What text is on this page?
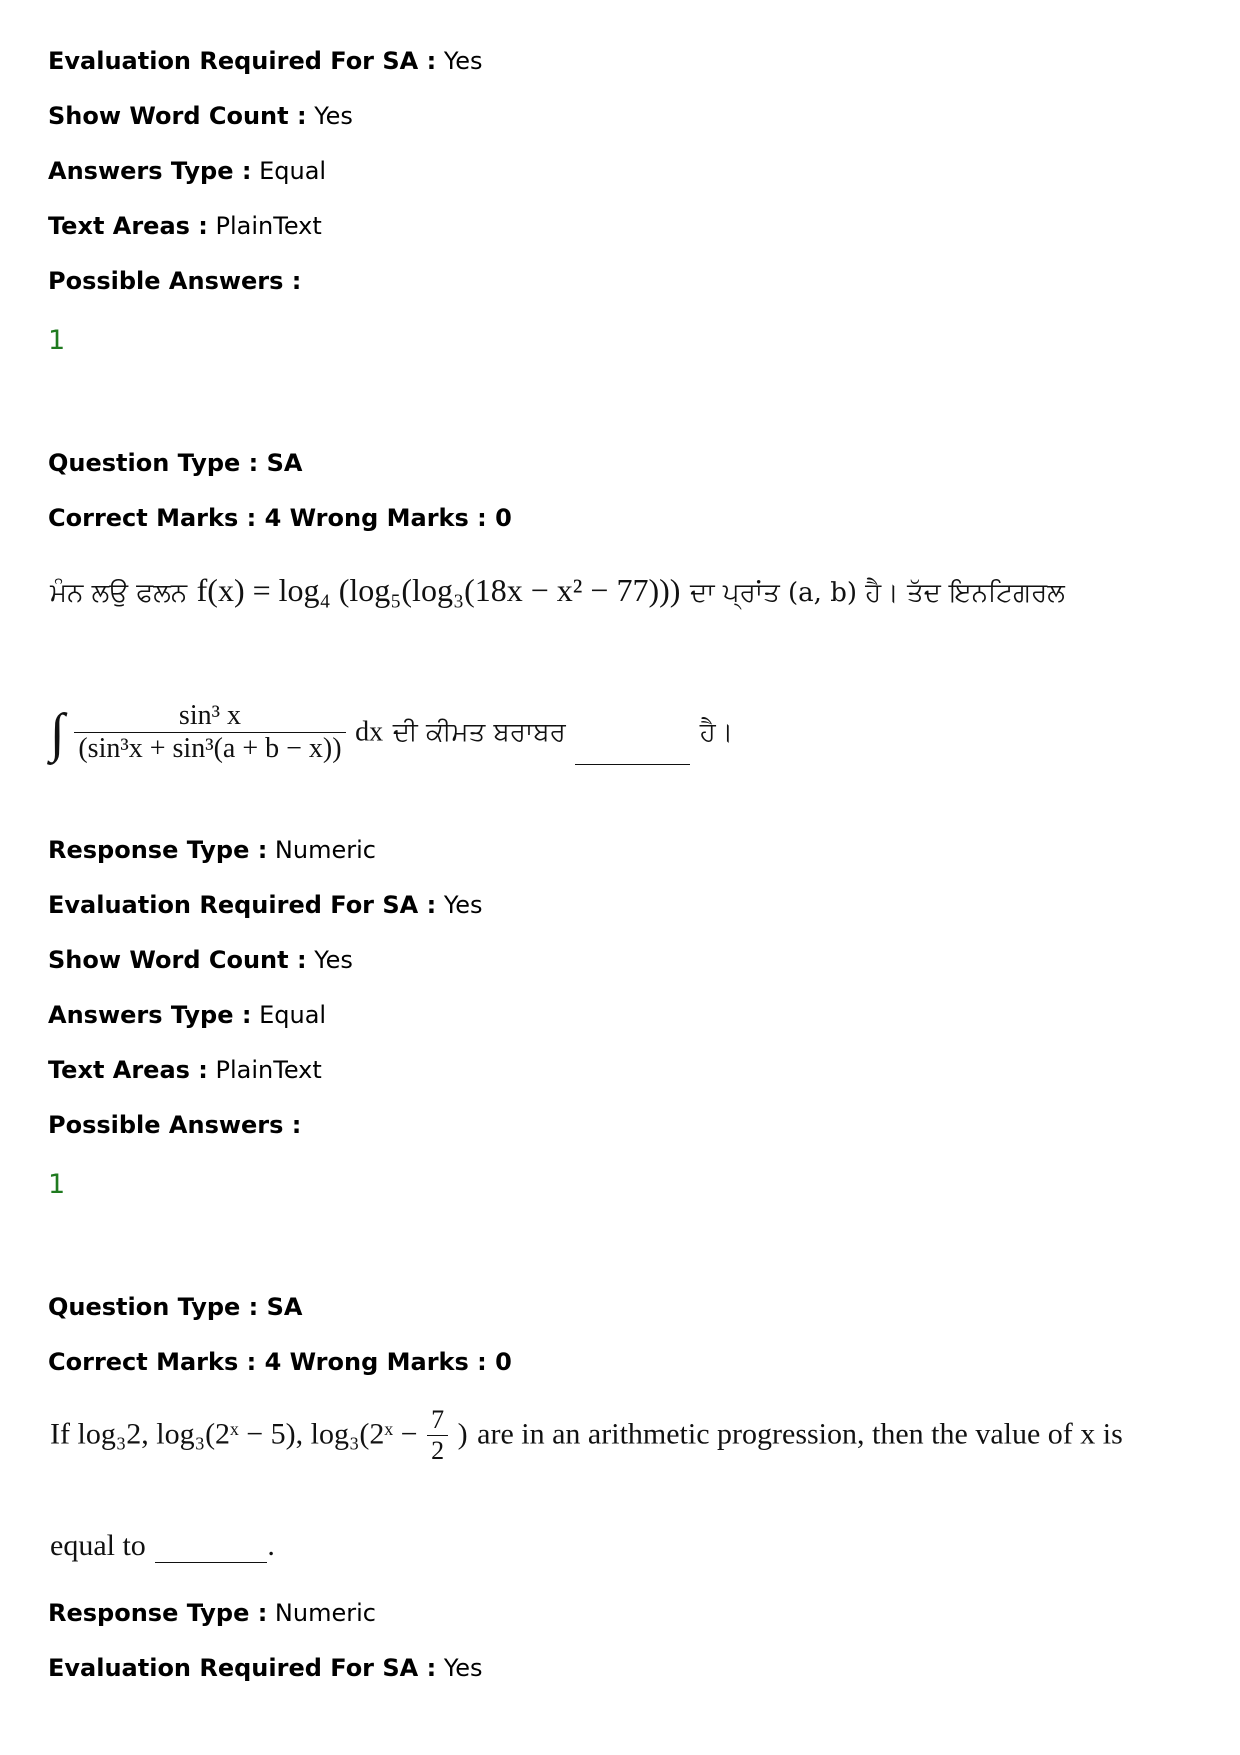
Evaluation Required For SA : Yes
Show Word Count : Yes
Answers Type : Equal
Text Areas : PlainText
Possible Answers :
1
Question Type : SA
Correct Marks : 4 Wrong Marks : 0
ਮੰਨ ਲਉ ਫਲਨ f(x) = log₄ (log₅(log₃(18x − x² − 77))) ਦਾ ਪ੍ਰਾਂਤ (a, b) ਹੈ। ਤੱਦ ਇਨਟਿਗਰਲ
∫ $\frac{\text{sin³ x}}{\text{(sin³x + sin³(a + b − x))}}$ dx ਦੀ ਕੀਮਤ ਬਰਾਬਰ	ਹੈ।
Response Type : Numeric
Evaluation Required For SA : Yes
Show Word Count : Yes
Answers Type : Equal
Text Areas : PlainText
Possible Answers :
1
Question Type : SA
Correct Marks : 4 Wrong Marks : 0
If log₃2, log₃(2ˣ − 5), log₃(2ˣ − $\frac{7}{2}$ ) are in an arithmetic progression, then the value of x is
equal to	.
Response Type : Numeric
Evaluation Required For SA : Yes
